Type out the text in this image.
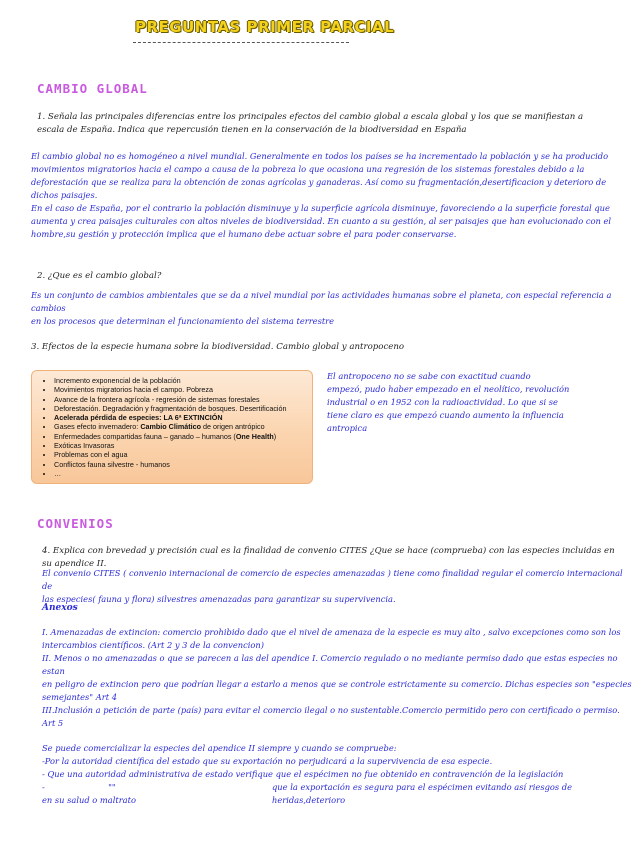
PREGUNTAS PRIMER PARCIAL
CAMBIO GLOBAL
1. Señala las principales diferencias entre los principales efectos del cambio global a escala global y los que se manifiestan a escala de España. Indica que repercusión tienen en la conservación de la biodiversidad en España
El cambio global no es homogéneo a nivel mundial. Generalmente en todos los países se ha incrementado la población y se ha producido
movimientos migratorios hacia el campo a causa de la pobreza lo que ocasiona una regresión de los sistemas forestales debido a la
deforestación que se realiza para la obtención de zonas agrícolas y ganaderas. Así como su fragmentación,desertificacion y deterioro de
dichos paisajes.
En el caso de España, por el contrario la población disminuye y la superficie agrícola disminuye, favoreciendo a la superficie forestal que
aumenta y crea paisajes culturales con altos niveles de biodiversidad. En cuanto a su gestión, al ser paisajes que han evolucionado con el
hombre,su gestión y protección implica que el humano debe actuar sobre el para poder conservarse.
2. ¿Que es el cambio global?
Es un conjunto de cambios ambientales que se da a nivel mundial por las actividades humanas sobre el planeta, con especial referencia a cambios
en los procesos que determinan el funcionamiento del sistema terrestre
3. Efectos de la especie humana sobre la biodiversidad. Cambio global y antropoceno
• Incremento exponencial de la población
• Movimientos migratorios hacia el campo. Pobreza
• Avance de la frontera agrícola - regresión de sistemas forestales
• Deforestación. Degradación y fragmentación de bosques. Desertificación
• Acelerada pérdida de especies: LA 6ª EXTINCIÓN
• Gases efecto invernadero: Cambio Climático de origen antrópico
• Enfermedades compartidas fauna – ganado – humanos (One Health)
• Exóticas Invasoras
• Problemas con el agua
• Conflictos fauna silvestre - humanos
• …
El antropoceno no se sabe con exactitud cuando
empezó, pudo haber empezado en el neolítico, revolución
industrial o en 1952 con la radioactividad. Lo que si se
tiene claro es que empezó cuando aumento la influencia
antropica
CONVENIOS
4. Explica con brevedad y precisión cual es la finalidad de convenio CITES ¿Que se hace (comprueba) con las especies incluidas en su apendice II.
El convenio CITES ( convenio internacional de comercio de especies amenazadas ) tiene como finalidad regular el comercio internacional de
las especies( fauna y flora) silvestres amenazadas para garantizar su supervivencia.
Anexos
I. Amenazadas de extincion: comercio prohibido dado que el nivel de amenaza de la especie es muy alto , salvo excepciones como son los
intercambios científicos. (Art 2 y 3 de la convencion)
II. Menos o no amenazadas o que se parecen a las del apendice I. Comercio regulado o no mediante permiso dado que estas especies no estan
en peligro de extincion pero que podrían llegar a estarlo a menos que se controle estrictamente su comercio. Dichas especies son "especies
semejantes" Art 4
III.Inclusión a petición de parte (país) para evitar el comercio ilegal o no sustentable.Comercio permitido pero con certificado o permiso. Art 5
Se puede comercializar la especies del apendice II siempre y cuando se compruebe:
-Por la autoridad científica del estado que su exportación no perjudicará a la supervivencia de esa especie.
- Que una autoridad administrativa de estado verifique que el espécimen no fue obtenido en contravención de la legislación
-                        ""	que la exportación es segura para el espécimen evitando así riesgos de heridas,deterioro
en su salud o maltrato
